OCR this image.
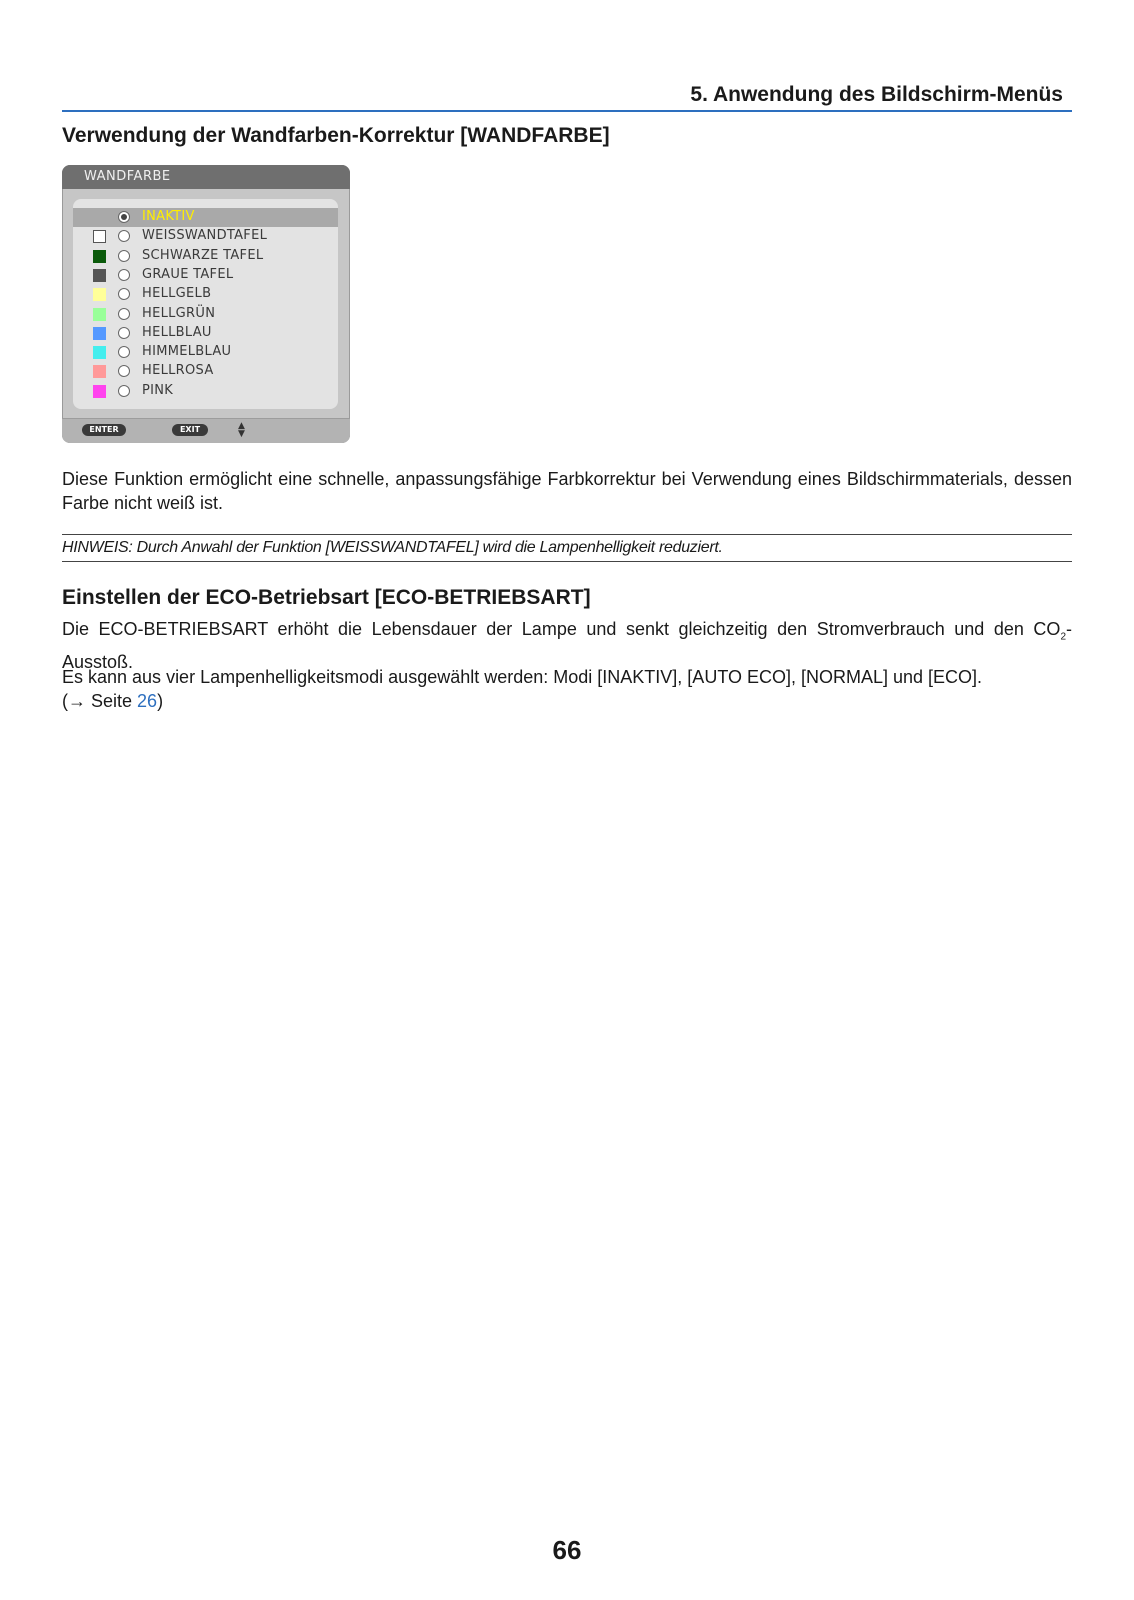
5. Anwendung des Bildschirm-Menüs
Verwendung der Wandfarben-Korrektur [WANDFARBE]
WANDFARBE
INAKTIV
WEISSWANDTAFEL
SCHWARZE TAFEL
GRAUE TAFEL
HELLGELB
HELLGRÜN
HELLBLAU
HIMMELBLAU
HELLROSA
PINK
ENTER	EXIT	▲
▼
Diese Funktion ermöglicht eine schnelle, anpassungsfähige Farbkorrektur bei Verwendung eines Bildschirmmaterials, dessen Farbe nicht weiß ist.
HINWEIS: Durch Anwahl der Funktion [WEISSWANDTAFEL] wird die Lampenhelligkeit reduziert.
Einstellen der ECO-Betriebsart [ECO-BETRIEBSART]
Die ECO-BETRIEBSART erhöht die Lebensdauer der Lampe und senkt gleichzeitig den Stromverbrauch und den $CO_2$-Ausstoß.
Es kann aus vier Lampenhelligkeitsmodi ausgewählt werden: Modi [INAKTIV], [AUTO ECO], [NORMAL] und [ECO].
(→ Seite 26)
66
